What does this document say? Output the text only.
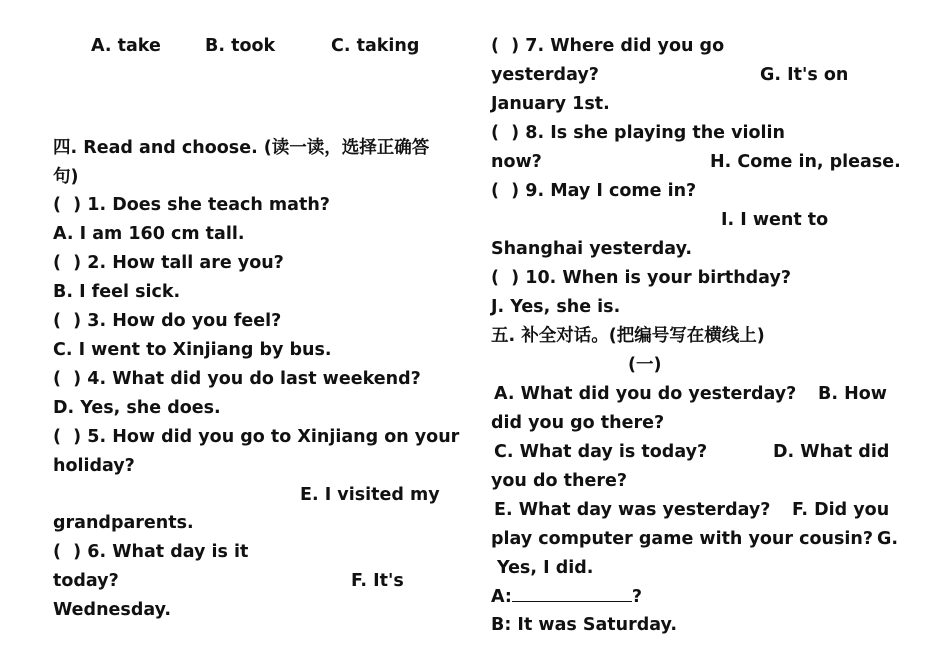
A. take	B. took	C. taking
四. Read and choose. (读一读，选择正确答
句)
(  ) 1. Does she teach math?
A. I am 160 cm tall.
(  ) 2. How tall are you?
B. I feel sick.
(  ) 3. How do you feel?
C. I went to Xinjiang by bus.
(  ) 4. What did you do last weekend?
D. Yes, she does.
(  ) 5. How did you go to Xinjiang on your
holiday?
E. I visited my
grandparents.
(  ) 6. What day is it
today?	F. It's
Wednesday.
(  ) 7. Where did you go
yesterday?	G. It's on
January 1st.
(  ) 8. Is she playing the violin
now?	H. Come in, please.
(  ) 9. May I come in?
I. I went to
Shanghai yesterday.
(  ) 10. When is your birthday?
J. Yes, she is.
五. 补全对话。(把编号写在横线上)
(一)
A. What did you do yesterday? B. How
did you go there?
C. What day is today?	D. What did
you do there?
E. What day was yesterday? F. Did you
play computer game with your cousin? G.
Yes, I did.
A:	?
B: It was Saturday.
